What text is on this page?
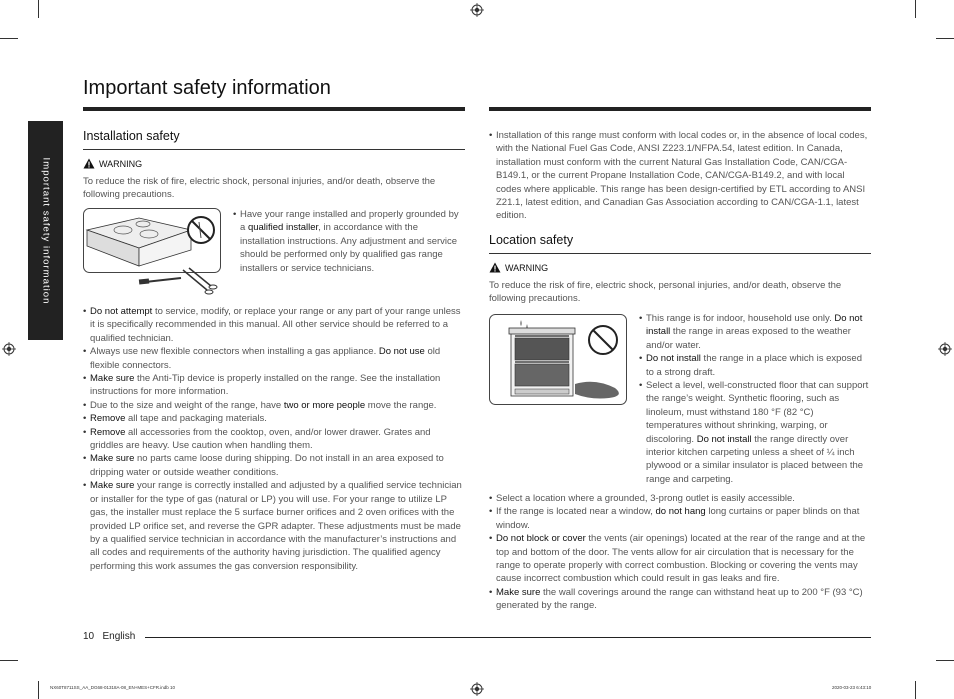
Important safety information
Important safety information
Installation safety
WARNING
To reduce the risk of fire, electric shock, personal injuries, and/or death, observe the following precautions.
• Have your range installed and properly grounded by a qualified installer, in accordance with the installation instructions. Any adjustment and service should be performed only by qualified gas range installers or service technicians.
• Do not attempt to service, modify, or replace your range or any part of your range unless it is specifically recommended in this manual. All other service should be referred to a qualified technician.
• Always use new flexible connectors when installing a gas appliance. Do not use old flexible connectors.
• Make sure the Anti-Tip device is properly installed on the range. See the installation instructions for more information.
• Due to the size and weight of the range, have two or more people move the range.
• Remove all tape and packaging materials.
• Remove all accessories from the cooktop, oven, and/or lower drawer. Grates and griddles are heavy. Use caution when handling them.
• Make sure no parts came loose during shipping. Do not install in an area exposed to dripping water or outside weather conditions.
• Make sure your range is correctly installed and adjusted by a qualified service technician or installer for the type of gas (natural or LP) you will use. For your range to utilize LP gas, the installer must replace the 5 surface burner orifices and 2 oven orifices with the provided LP orifice set, and reverse the GPR adapter. These adjustments must be made by a qualified service technician in accordance with the manufacturer’s instructions and all codes and requirements of the authority having jurisdiction. The qualified agency performing this work assumes the gas conversion responsibility.
• Installation of this range must conform with local codes or, in the absence of local codes, with the National Fuel Gas Code, ANSI Z223.1/NFPA.54, latest edition. In Canada, installation must conform with the current Natural Gas Installation Code, CAN/CGA-B149.1, or the current Propane Installation Code, CAN/CGA-B149.2, and with local codes where applicable. This range has been design-certified by ETL according to ANSI Z21.1, latest edition, and Canadian Gas Association according to CAN/CGA-1.1, latest edition.
Location safety
WARNING
To reduce the risk of fire, electric shock, personal injuries, and/or death, observe the following precautions.
• This range is for indoor, household use only. Do not install the range in areas exposed to the weather and/or water.
• Do not install the range in a place which is exposed to a strong draft.
• Select a level, well-constructed floor that can support the range’s weight. Synthetic flooring, such as linoleum, must withstand 180 °F (82 °C) temperatures without shrinking, warping, or discoloring. Do not install the range directly over interior kitchen carpeting unless a sheet of ¼ inch plywood or a similar insulator is placed between the range and carpeting.
• Select a location where a grounded, 3-prong outlet is easily accessible.
• If the range is located near a window, do not hang long curtains or paper blinds on that window.
• Do not block or cover the vents (air openings) located at the rear of the range and at the top and bottom of the door. The vents allow for air circulation that is necessary for the range to operate properly with correct combustion. Blocking or covering the vents may cause incorrect combustion which could result in gas leaks and fire.
• Make sure the wall coverings around the range can withstand heat up to 200 °F (93 °C) generated by the range.
10 English
NX60T8711SS_AA_DG68-01318A-08_EN+MES+CFR.indb 10	2020-03-23 6:43:10
